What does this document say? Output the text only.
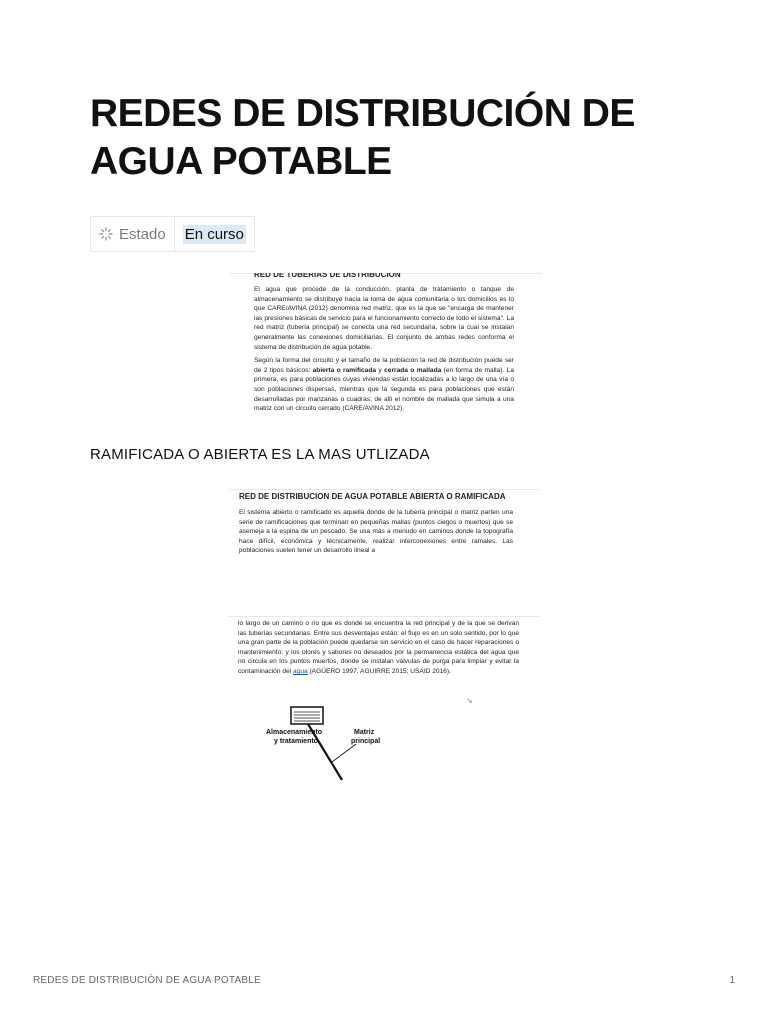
REDES DE DISTRIBUCIÓN DE AGUA POTABLE
Estado En curso
RED DE TUBERIAS DE DISTRIBUCION

El agua que procede de la conducción, planta de tratamiento o tanque de almacenamiento se distribuye hacia la toma de agua comunitaria o los domicilios es lo que CARE/AVINA (2012) denomina red matriz, que es la que se "encarga de mantener las presiones básicas de servicio para el funcionamiento correcto de todo el sistema". La red matriz (tubería principal) se conecta una red secundaria, sobre la cual se instalan generalmente las conexiones domiciliarias. El conjunto de ambas redes conforma el sistema de distribución de agua potable.

Según la forma del circuito y el tamaño de la población la red de distribución puede ser de 2 tipos básicos: abierta o ramificada y cerrada o mallada (en forma de malla). La primera, es para poblaciones cuyas viviendas están localizadas a lo largo de una vía o son poblaciones dispersas, mientras que la segunda es para poblaciones que están desarrolladas por manzanas o cuadras; de allí el nombre de mallada que simula a una matriz con un circuito cerrado (CARE/AVINA 2012).

RAMIFICADA O ABIERTA ES LA MAS UTLIZADA
RED DE DISTRIBUCION DE AGUA POTABLE ABIERTA O RAMIFICADA

El sistema abierto o ramificado es aquella donde de la tubería principal o matriz parten una serie de ramificaciones que terminan en pequeñas mallas (puntos ciegos o muertos) que se asemeja a la espina de un pescado. Se usa más a menudo en caminos donde la topografía hace difícil, económica y técnicamente, realizar interconexiones entre ramales. Las poblaciones suelen tener un desarrollo lineal a

lo largo de un camino o río que es donde se encuentra la red principal y de la que se derivan las tuberías secundarias. Entre sus desventajas están: el flujo es en un solo sentido, por lo que una gran parte de la población puede quedarse sin servicio en el caso de hacer reparaciones o mantenimiento; y los olores y sabores no deseados por la permanencia estática del agua que no circula en los puntos muertos, donde se instalan válvulas de purga para limpiar y evitar la contaminación del agua (AGÜERO 1997, AGUIRRE 2015; USAID 2016).

↘
Almacenamiento
y tratamiento
Matriz
principal
REDES DE DISTRIBUCIÓN DE AGUA POTABLE	1
